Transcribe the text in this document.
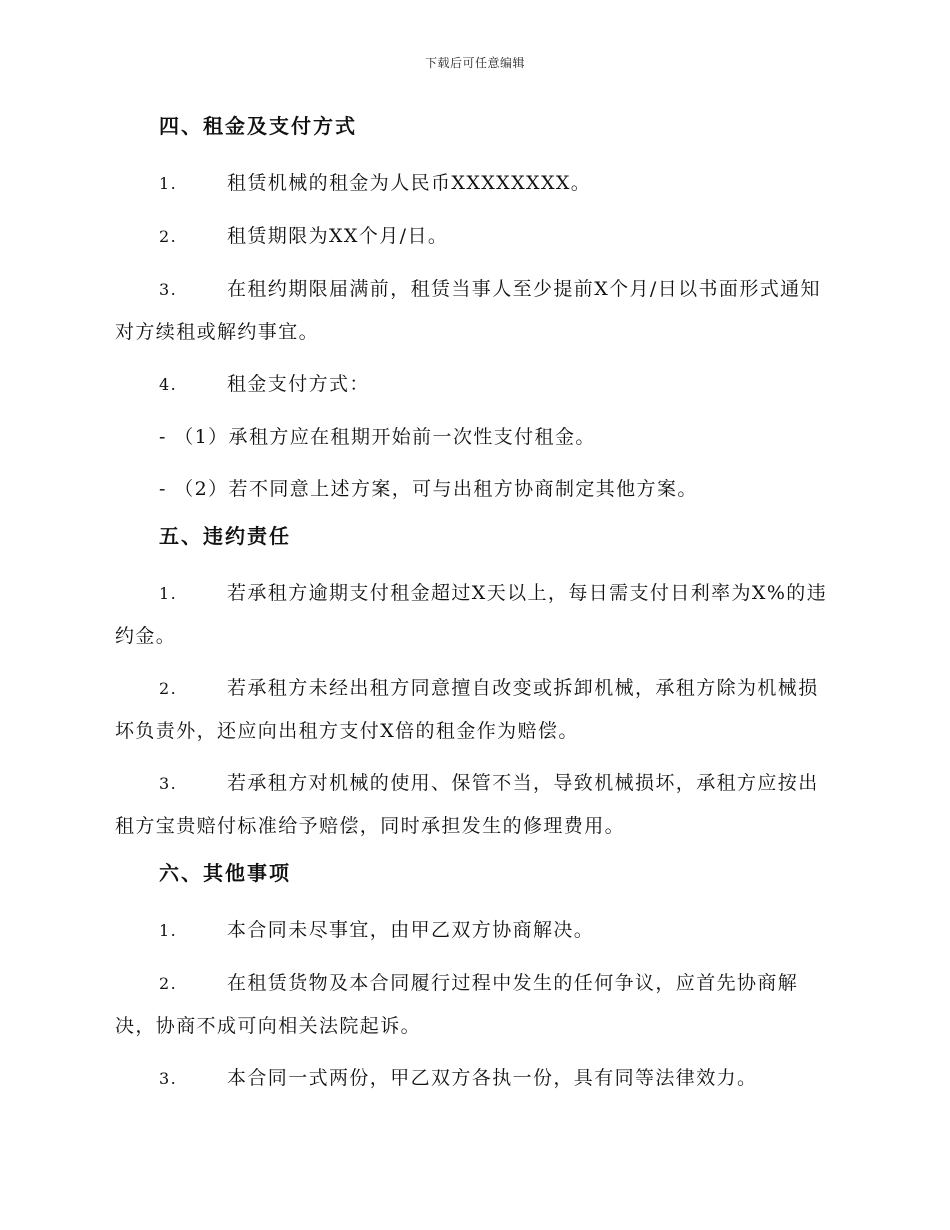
下载后可任意编辑
四、租金及支付方式
1.	租赁机械的租金为人民币XXXXXXXX。
2.	租赁期限为XX个月/日。
3.	在租约期限届满前，租赁当事人至少提前X个月/日以书面形式通知对方续租或解约事宜。
4.	租金支付方式：
- （1）承租方应在租期开始前一次性支付租金。
- （2）若不同意上述方案，可与出租方协商制定其他方案。
五、违约责任
1.	若承租方逾期支付租金超过X天以上，每日需支付日利率为X%的违约金。
2.	若承租方未经出租方同意擅自改变或拆卸机械，承租方除为机械损坏负责外，还应向出租方支付X倍的租金作为赔偿。
3.	若承租方对机械的使用、保管不当，导致机械损坏，承租方应按出租方宝贵赔付标准给予赔偿，同时承担发生的修理费用。
六、其他事项
1.	本合同未尽事宜，由甲乙双方协商解决。
2.	在租赁货物及本合同履行过程中发生的任何争议，应首先协商解决，协商不成可向相关法院起诉。
3.	本合同一式两份，甲乙双方各执一份，具有同等法律效力。
